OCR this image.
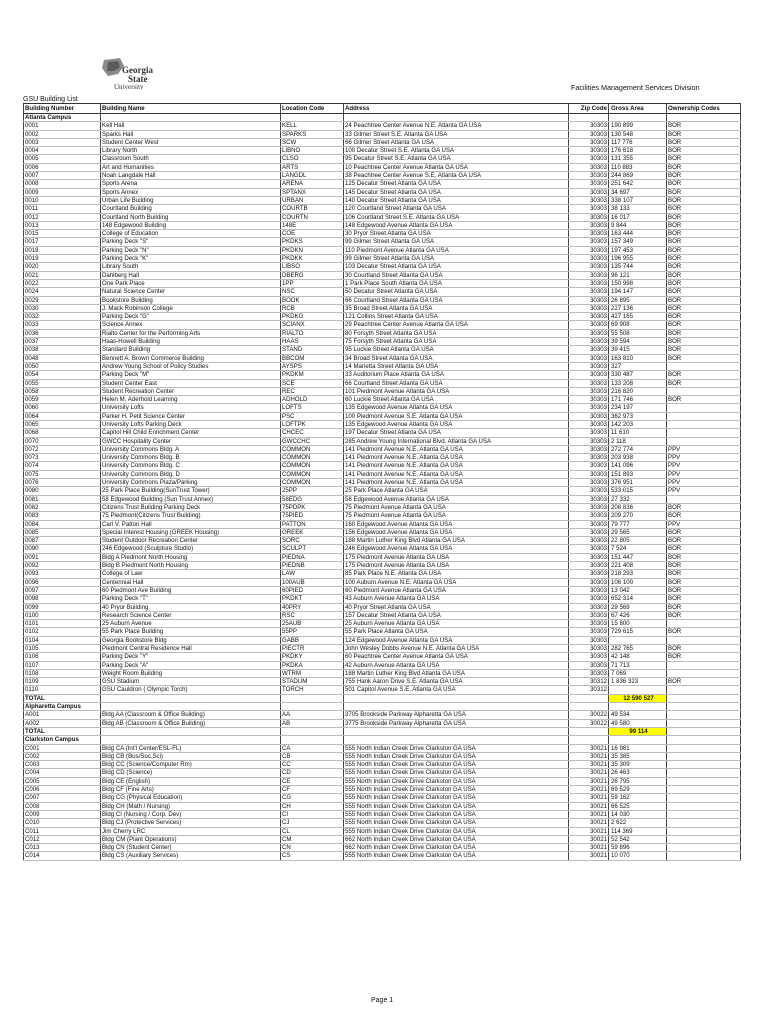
Georgia
State
University	Facilities Management Services Division
GSU Building List
Building Number	Building Name	Location Code	Address	Zip Code	Gross Area	Ownership Codes
Atlanta Campus						
0001	Kell Hall	KELL	24 Peachtree Center Avenue N.E. Atlanta GA USA	30303	190 899	BOR
0002	Sparks Hall	SPARKS	33 Gilmer Street S.E. Atlanta GA USA	30303	130 548	BOR
0003	Student Center West	SCW	66 Gilmer Street Atlanta GA USA	30303	117 776	BOR
0004	Library North	LIBNO	100 Decatur Street S.E. Atlanta GA USA	30303	176 618	BOR
0005	Classroom South	CLSO	95 Decatur Street S.E. Atlanta GA USA	30303	131 355	BOR
0006	Art and Humanities	ARTS	10 Peachtree Center Avenue Atlanta GA USA	30303	110 883	BOR
0007	Noah Langdale Hall	LANGDL	38 Peachtree Center Avenue S.E. Atlanta GA USA	30303	244 869	BOR
0008	Sports Arena	ARENA	125 Decatur Street Atlanta GA USA	30303	251 642	BOR
0009	Sports Annex	SPTANX	145 Decatur Street Atlanta GA USA	30303	34 697	BOR
0010	Urban Life Building	URBAN	140 Decatur Street Atlanta GA USA	30303	338 107	BOR
0011	Courtland Building	COURTB	120 Courtland Street Atlanta GA USA	30303	38 133	BOR
0012	Courtland North Building	COURTN	106 Courtland Street S.E. Atlanta GA USA	30303	16 017	BOR
0013	148 Edgewood Building	148E	148 Edgewood Avenue Atlanta GA USA	30303	9 844	BOR
0015	College of Education	COE	30 Pryor Street Atlanta GA USA	30303	163 444	BOR
0017	Parking Deck "S"	PKDKS	99 Gilmer Street Atlanta GA USA	30303	157 349	BOR
0018	Parking Deck "N"	PKDKN	110 Piedmont Avenue Atlanta GA USA	30303	197 453	BOR
0019	Parking Deck "K"	PKDKK	99 Gilmer Street Atlanta GA USA	30303	196 955	BOR
0020	Library South	LIBSO	103 Decatur Street Atlanta GA USA	30303	135 744	BOR
0021	Dahlberg Hall	DBERG	30 Courtland Street Atlanta GA USA	30303	96 121	BOR
0022	One Park Place	1PP	1 Park Place South Atlanta GA USA	30303	150 998	BOR
0024	Natural Science Center	NSC	50 Decatur Street Atlanta GA USA	30303	194 147	BOR
0029	Bookstore Building	BOOK	66 Courtland Street Atlanta GA USA	30303	26 895	BOR
0030	J. Mack Robinson College	RCB	35 Broad Street Atlanta GA USA	30303	227 136	BOR
0032	Parking Deck "G"	PKDKG	121 Collins Street Atlanta GA USA	30303	427 165	BOR
0033	Science Annex	SCIANX	29 Peachtree Center Avenue Atlanta GA USA	30303	69 908	BOR
0036	Rialto Center for the Performing Arts	RIALTO	80 Forsyth Street Atlanta GA USA	30303	55 508	BOR
0037	Haas-Howell Building	HAAS	75 Forsyth Street Atlanta GA USA	30303	39 594	BOR
0038	Standard Building	STAND	95 Luckie Street Atlanta GA USA	30303	39 415	BOR
0048	Bennett A. Brown Commerce Building	BBCOM	34 Broad Street Atlanta GA USA	30303	163 810	BOR
0050	Andrew Young School of Policy Studies	AYSPS	14 Marietta Street Atlanta GA USA	30303	327	
0054	Parking Deck "M"	PKDKM	33 Auditorium Place Atlanta GA USA	30303	330 487	BOR
0055	Student Center East	SCE	66 Courtland Street Atlanta GA USA	30303	133 208	BOR
0058	Student Recreation Center	REC	101 Piedmont Avenue Atlanta GA USA	30303	216 820	
0059	Helen M. Aderhold Learning	ADHOLD	60 Luckie Street Atlanta GA USA	30303	171 746	BOR
0060	University Lofts	LOFTS	135 Edgewood Avenue Atlanta GA USA	30303	234 197	
0064	Parker H. Petit Science Center	PSC	100 Piedmont Avenue S.E. Atlanta GA USA	30303	362 973	
0065	University Lofts Parking Deck	LOFTPK	135 Edgewood Avenue Atlanta GA USA	30303	142 203	
0068	Capitol Hill Child Enrichment Center	CHCEC	197 Decatur Street Atlanta GA USA	30303	11 610	
0070	GWCC Hospitality Center	GWCCHC	285 Andrew Young International Blvd. Atlanta GA USA	30303	2 118	
0072	University Commons Bldg. A	COMMON	141 Piedmont Avenue N.E. Atlanta GA USA	30303	272 774	PPV
0073	University Commons Bldg. B	COMMON	141 Piedmont Avenue N.E. Atlanta GA USA	30303	203 938	PPV
0074	University Commons Bldg. C	COMMON	141 Piedmont Avenue N.E. Atlanta GA USA	30303	141 096	PPV
0075	University Commons Bldg. D	COMMON	141 Piedmont Avenue N.E. Atlanta GA USA	30303	151 893	PPV
0076	University Commons Plaza/Parking	COMMON	141 Piedmont Avenue N.E. Atlanta GA USA	30303	376 951	PPV
0080	25 Park Place Building(SunTrust Tower)	25PP	25 Park Place Atlanta GA USA	30303	533 015	PPV
0081	58 Edgewood Building (Sun Trust Annex)	58EDG	58 Edgewood Avenue Atlanta GA USA	30303	27 332	
0082	Citizens Trust Building Parking Deck	75PDPK	75 Piedmont Avenue Atlanta GA USA	30303	208 836	BOR
0083	75 Piedmont(Citizens Trust Building)	75PIED	75 Piedmont Avenue Atlanta GA USA	30303	209 270	BOR
0084	Carl V. Patton Hall	PATTON	160 Edgewood Avenue Atlanta GA USA	30303	79 777	PPV
0085	Special Interest Housing (GREEK Housing)	GREEK	156 Edgewood Avenue Atlanta GA USA	30303	29 565	BOR
0087	Student Outdoor Recreation Center	SORC	188 Martin Luther King Blvd Atlanta GA USA	30303	22 805	BOR
0090	246 Edgewood (Sculpture Studio)	SCULPT	246 Edgewood Avenue Atlanta GA USA	30303	7 524	BOR
0091	Bldg A Piedmont North Housing	PIEDNA	175 Piedmont Avenue Atlanta GA USA	30303	151 447	BOR
0092	Bldg B Piedmont North Housing	PIEDNB	175 Piedmont Avenue Atlanta GA USA	30303	221 408	BOR
0093	College of Law	LAW	85 Park Place N.E. Atlanta GA USA	30303	218 293	BOR
0096	Centennial Hall	100AUB	100 Auburn Avenue N.E. Atlanta GA USA	30303	106 100	BOR
0097	60 Piedmont Ave Building	60PIED	60 Piedmont Avenue Atlanta GA USA	30303	13 042	BOR
0098	Parking Deck "T"	PKDKT	43 Auburn Avenue Atlanta GA USA	30303	652 314	BOR
0099	40 Pryor Building	40PRY	40 Pryor Street Atlanta GA USA	30303	29 569	BOR
0100	Research Science Center	RSC	157 Decatur Street Atlanta GA USA	30303	67 426	BOR
0101	25 Auburn Avenue	25AUB	25 Auburn Avenue Atlanta GA USA	30303	15 800	
0102	55 Park Place Building	55PP	55 Park Place Atlanta GA USA	30303	729 615	BOR
0104	Georgia Bookstore Bldg	GABB	124 Edgewood Avenue Atlanta GA USA	30303		
0105	Piedmont Central Residence Hall	PIECTR	John Wesley Dobbs Avenue N.E. Atlanta GA USA	30303	282 765	BOR
0106	Parking Deck "Y"	PKDKY	60 Peachtree Center Avenue Atlanta GA USA	30303	42 148	BOR
0107	Parking Deck "A"	PKDKA	42 Auburn Avenue Atlanta GA USA	30303	71 713	
0108	Weight Room Building	WTRM	188 Martin Luther King Blvd Atlanta GA USA	30303	7 069	
0109	GSU Stadium	STADUM	755 Hank Aaron Drive S.E. Atlanta GA USA	30312	1 836 323	BOR
0110	GSU Cauldron ( Olympic Torch)	TORCH	501 Capitol Avenue S.E. Atlanta GA USA	30312		
TOTAL					12 590 527	
Alpharetta Campus						
A001	Bldg AA (Classroom & Office Building)	AA	3705 Brookside Parkway Alpharetta GA USA	30022	49 534	
A002	Bldg AB (Classroom & Office Building)	AB	3775 Brookside Parkway Alpharetta GA USA	30022	49 580	
TOTAL					99 114	
Clarkston Campus						
C001	Bldg CA (Int'l Center/ESL-FL)	CA	555 North Indian Creek Drive Clarkston GA USA	30021	16 981	
C002	Bldg CB (Bus/Soc.Sci)	CB	555 North Indian Creek Drive Clarkston GA USA	30021	35 385	
C003	Bldg CC (Science/Computer Rm)	CC	555 North Indian Creek Drive Clarkston GA USA	30021	35 309	
C004	Bldg CD (Science)	CD	555 North Indian Creek Drive Clarkston GA USA	30021	26 463	
C005	Bldg CE (English)	CE	555 North Indian Creek Drive Clarkston GA USA	30021	26 795	
C006	Bldg CF (Fine Arts)	CF	555 North Indian Creek Drive Clarkston GA USA	30021	69 529	
C007	Bldg CG (Physical Education)	CG	555 North Indian Creek Drive Clarkston GA USA	30021	59 162	
C008	Bldg CH (Math / Nursing)	CH	555 North Indian Creek Drive Clarkston GA USA	30021	66 525	
C009	Bldg CI (Nursing / Corp. Dev)	CI	555 North Indian Creek Drive Clarkston GA USA	30021	14 030	
C010	Bldg CJ (Protective Services)	CJ	555 North Indian Creek Drive Clarkston GA USA	30021	2 622	
C011	Jim Cherry LRC	CL	555 North Indian Creek Drive Clarkston GA USA	30021	114 369	
C012	Bldg CM (Plant Operations)	CM	662 North Indian Creek Drive Clarkston GA USA	30021	52 542	
C013	Bldg CN (Student Center)	CN	662 North Indian Creek Drive Clarkston GA USA	30021	59 896	
C014	Bldg CS (Auxiliary Services)	CS	555 North Indian Creek Drive Clarkston GA USA	30021	10 070	
Page 1
